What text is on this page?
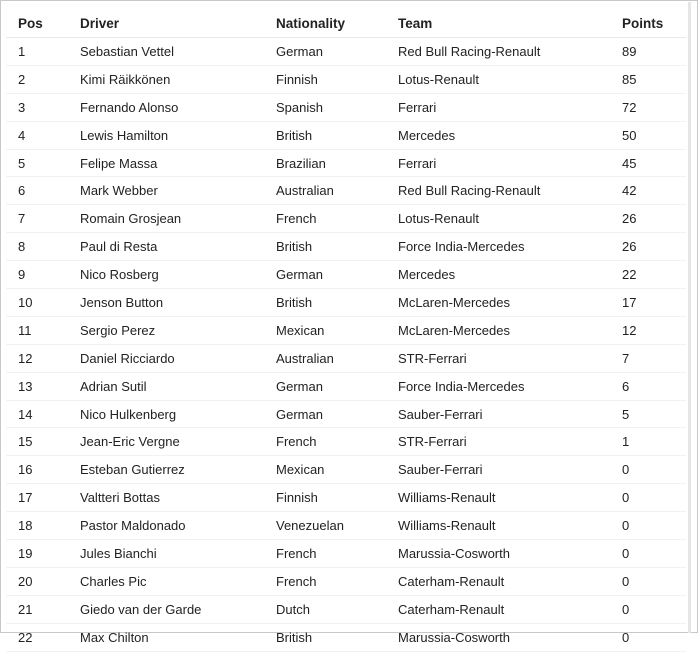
Pos	Driver	Nationality	Team	Points
1	Sebastian Vettel	German	Red Bull Racing-Renault	89
2	Kimi Räikkönen	Finnish	Lotus-Renault	85
3	Fernando Alonso	Spanish	Ferrari	72
4	Lewis Hamilton	British	Mercedes	50
5	Felipe Massa	Brazilian	Ferrari	45
6	Mark Webber	Australian	Red Bull Racing-Renault	42
7	Romain Grosjean	French	Lotus-Renault	26
8	Paul di Resta	British	Force India-Mercedes	26
9	Nico Rosberg	German	Mercedes	22
10	Jenson Button	British	McLaren-Mercedes	17
11	Sergio Perez	Mexican	McLaren-Mercedes	12
12	Daniel Ricciardo	Australian	STR-Ferrari	7
13	Adrian Sutil	German	Force India-Mercedes	6
14	Nico Hulkenberg	German	Sauber-Ferrari	5
15	Jean-Eric Vergne	French	STR-Ferrari	1
16	Esteban Gutierrez	Mexican	Sauber-Ferrari	0
17	Valtteri Bottas	Finnish	Williams-Renault	0
18	Pastor Maldonado	Venezuelan	Williams-Renault	0
19	Jules Bianchi	French	Marussia-Cosworth	0
20	Charles Pic	French	Caterham-Renault	0
21	Giedo van der Garde	Dutch	Caterham-Renault	0
22	Max Chilton	British	Marussia-Cosworth	0
